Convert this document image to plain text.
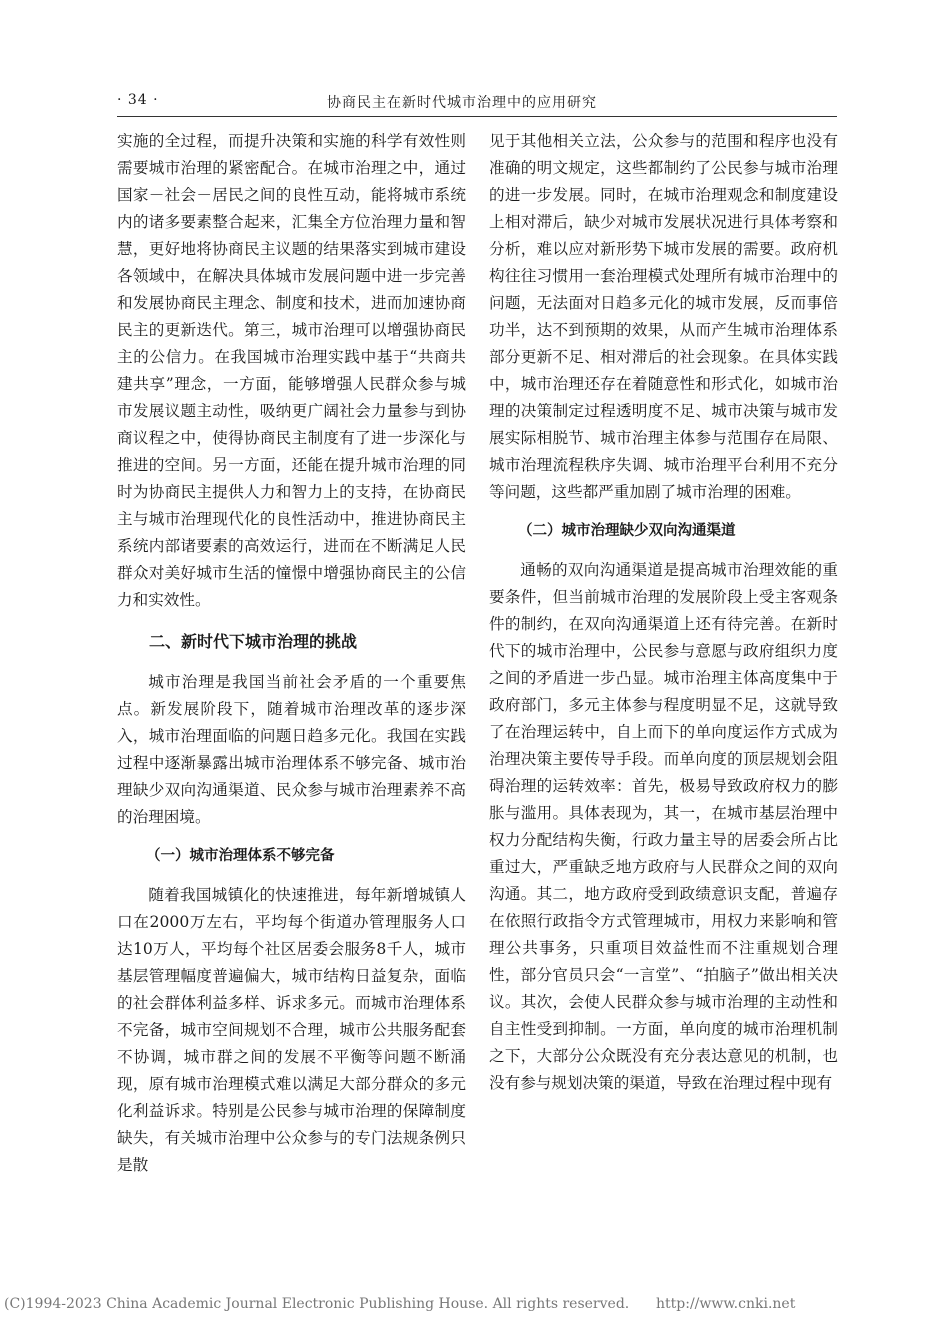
· 34 ·	协商民主在新时代城市治理中的应用研究

实施的全过程，而提升决策和实施的科学有效性则需要城市治理的紧密配合。在城市治理之中，通过国家－社会－居民之间的良性互动，能将城市系统内的诸多要素整合起来，汇集全方位治理力量和智慧，更好地将协商民主议题的结果落实到城市建设各领域中，在解决具体城市发展问题中进一步完善和发展协商民主理念、制度和技术，进而加速协商民主的更新迭代。第三，城市治理可以增强协商民主的公信力。在我国城市治理实践中基于“共商共建共享”理念，一方面，能够增强人民群众参与城市发展议题主动性，吸纳更广阔社会力量参与到协商议程之中，使得协商民主制度有了进一步深化与推进的空间。另一方面，还能在提升城市治理的同时为协商民主提供人力和智力上的支持，在协商民主与城市治理现代化的良性活动中，推进协商民主系统内部诸要素的高效运行，进而在不断满足人民群众对美好城市生活的憧憬中增强协商民主的公信力和实效性。

二、新时代下城市治理的挑战

城市治理是我国当前社会矛盾的一个重要焦点。新发展阶段下，随着城市治理改革的逐步深入，城市治理面临的问题日趋多元化。我国在实践过程中逐渐暴露出城市治理体系不够完备、城市治理缺少双向沟通渠道、民众参与城市治理素养不高的治理困境。

（一）城市治理体系不够完备

随着我国城镇化的快速推进，每年新增城镇人口在2000万左右，平均每个街道办管理服务人口达10万人，平均每个社区居委会服务8千人，城市基层管理幅度普遍偏大，城市结构日益复杂，面临的社会群体利益多样、诉求多元。而城市治理体系不完备，城市空间规划不合理，城市公共服务配套不协调，城市群之间的发展不平衡等问题不断涌现，原有城市治理模式难以满足大部分群众的多元化利益诉求。特别是公民参与城市治理的保障制度缺失，有关城市治理中公众参与的专门法规条例只是散

见于其他相关立法，公众参与的范围和程序也没有准确的明文规定，这些都制约了公民参与城市治理的进一步发展。同时，在城市治理观念和制度建设上相对滞后，缺少对城市发展状况进行具体考察和分析，难以应对新形势下城市发展的需要。政府机构往往习惯用一套治理模式处理所有城市治理中的问题，无法面对日趋多元化的城市发展，反而事倍功半，达不到预期的效果，从而产生城市治理体系部分更新不足、相对滞后的社会现象。在具体实践中，城市治理还存在着随意性和形式化，如城市治理的决策制定过程透明度不足、城市决策与城市发展实际相脱节、城市治理主体参与范围存在局限、城市治理流程秩序失调、城市治理平台利用不充分等问题，这些都严重加剧了城市治理的困难。

（二）城市治理缺少双向沟通渠道

通畅的双向沟通渠道是提高城市治理效能的重要条件，但当前城市治理的发展阶段上受主客观条件的制约，在双向沟通渠道上还有待完善。在新时代下的城市治理中，公民参与意愿与政府组织力度之间的矛盾进一步凸显。城市治理主体高度集中于政府部门，多元主体参与程度明显不足，这就导致了在治理运转中，自上而下的单向度运作方式成为治理决策主要传导手段。而单向度的顶层规划会阻碍治理的运转效率：首先，极易导致政府权力的膨胀与滥用。具体表现为，其一，在城市基层治理中权力分配结构失衡，行政力量主导的居委会所占比重过大，严重缺乏地方政府与人民群众之间的双向沟通。其二，地方政府受到政绩意识支配，普遍存在依照行政指令方式管理城市，用权力来影响和管理公共事务，只重项目效益性而不注重规划合理性，部分官员只会“一言堂”、“拍脑子”做出相关决议。其次，会使人民群众参与城市治理的主动性和自主性受到抑制。一方面，单向度的城市治理机制之下，大部分公众既没有充分表达意见的机制，也没有参与规划决策的渠道，导致在治理过程中现有

(C)1994-2023 China Academic Journal Electronic Publishing House. All rights reserved. http://www.cnki.net
